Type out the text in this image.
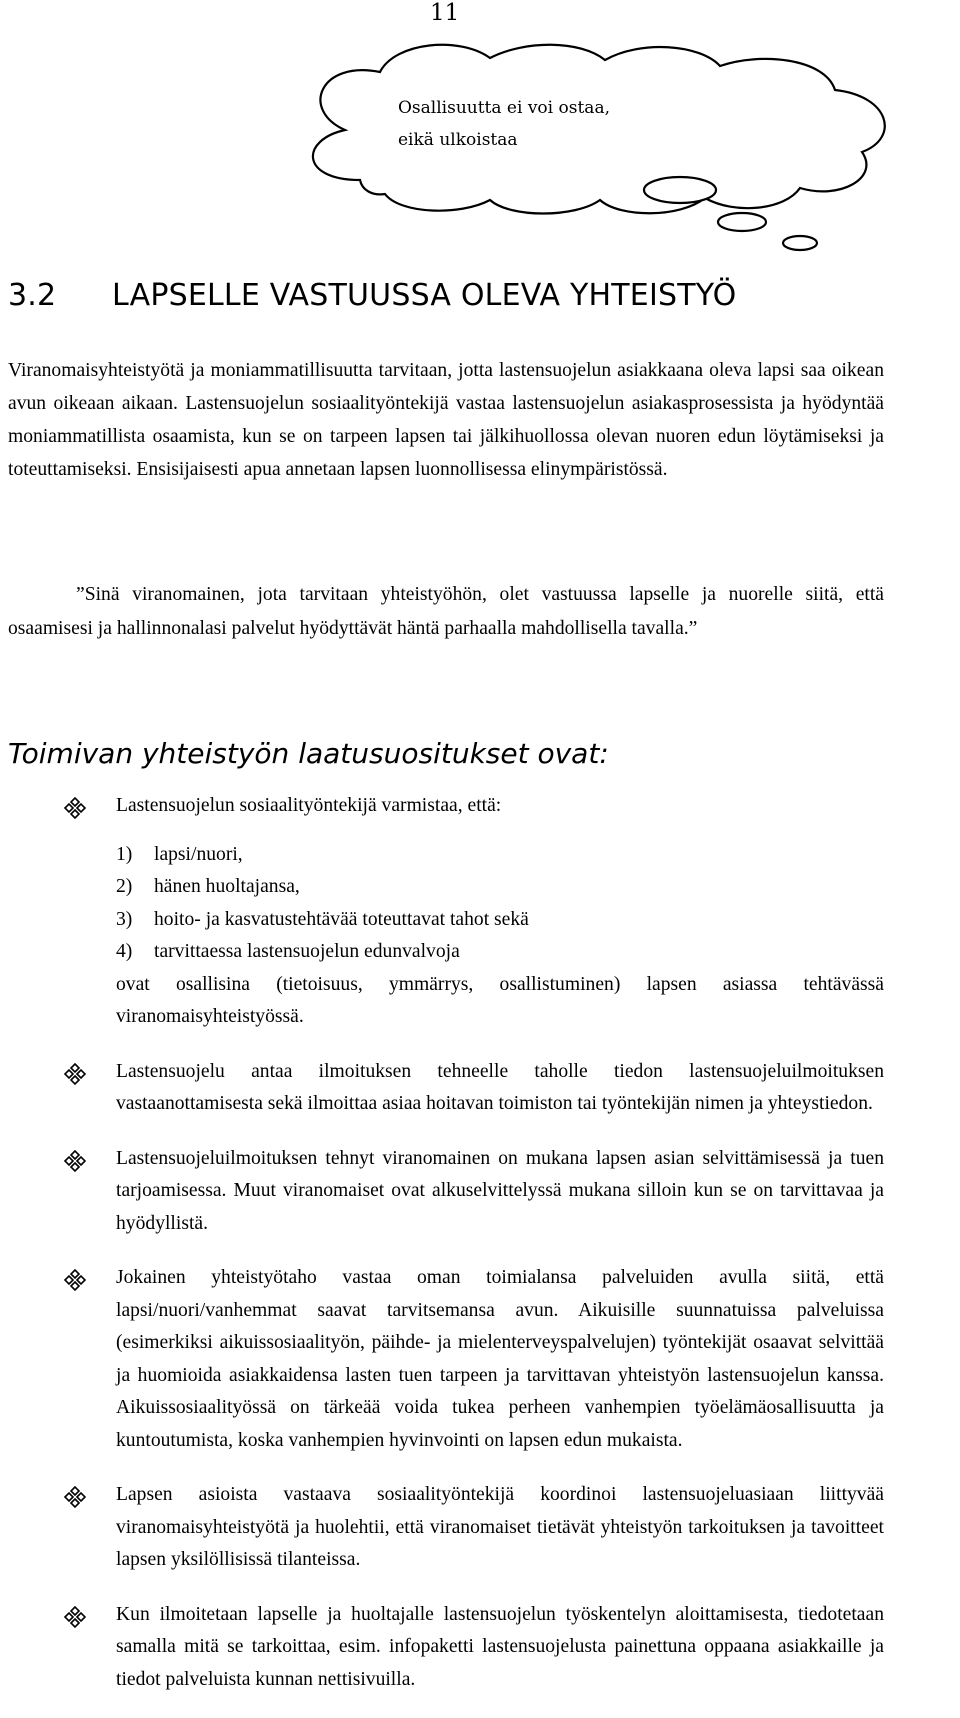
11
Osallisuutta ei voi ostaa,
eikä ulkoistaa
3.2 LAPSELLE VASTUUSSA OLEVA YHTEISTYÖ

Viranomaisyhteistyötä ja moniammatillisuutta tarvitaan, jotta lastensuojelun asiakkaana oleva lapsi saa oikean avun oikeaan aikaan. Lastensuojelun sosiaalityöntekijä vastaa lastensuojelun asiakasprosessista ja hyödyntää moniammatillista osaamista, kun se on tarpeen lapsen tai jälkihuollossa olevan nuoren edun löytämiseksi ja toteuttamiseksi. Ensisijaisesti apua annetaan lapsen luonnollisessa elinympäristössä.

”Sinä viranomainen, jota tarvitaan yhteistyöhön, olet vastuussa lapselle ja nuorelle siitä, että osaamisesi ja hallinnonalasi palvelut hyödyttävät häntä parhaalla mahdollisella tavalla.”

Toimivan yhteistyön laatusuositukset ovat:
Lastensuojelun sosiaalityöntekijä varmistaa, että:
1)	lapsi/nuori,
2)	hänen huoltajansa,
3)	hoito- ja kasvatustehtävää toteuttavat tahot sekä
4)	tarvittaessa lastensuojelun edunvalvoja
ovat osallisina (tietoisuus, ymmärrys, osallistuminen) lapsen asiassa tehtävässä viranomaisyhteistyössä.
Lastensuojelu antaa ilmoituksen tehneelle taholle tiedon lastensuojeluilmoituksen vastaanottamisesta sekä ilmoittaa asiaa hoitavan toimiston tai työntekijän nimen ja yhteystiedon.
Lastensuojeluilmoituksen tehnyt viranomainen on mukana lapsen asian selvittämisessä ja tuen tarjoamisessa. Muut viranomaiset ovat alkuselvittelyssä mukana silloin kun se on tarvittavaa ja hyödyllistä.
Jokainen yhteistyötaho vastaa oman toimialansa palveluiden avulla siitä, että lapsi/nuori/vanhemmat saavat tarvitsemansa avun. Aikuisille suunnatuissa palveluissa (esimerkiksi aikuissosiaalityön, päihde- ja mielenterveyspalvelujen) työntekijät osaavat selvittää ja huomioida asiakkaidensa lasten tuen tarpeen ja tarvittavan yhteistyön lastensuojelun kanssa. Aikuissosiaalityössä on tärkeää voida tukea perheen vanhempien työelämäosallisuutta ja kuntoutumista, koska vanhempien hyvinvointi on lapsen edun mukaista.
Lapsen asioista vastaava sosiaalityöntekijä koordinoi lastensuojeluasiaan liittyvää viranomaisyhteistyötä ja huolehtii, että viranomaiset tietävät yhteistyön tarkoituksen ja tavoitteet lapsen yksilöllisissä tilanteissa.
Kun ilmoitetaan lapselle ja huoltajalle lastensuojelun työskentelyn aloittamisesta, tiedotetaan samalla mitä se tarkoittaa, esim. infopaketti lastensuojelusta painettuna oppaana asiakkaille ja tiedot palveluista kunnan nettisivuilla.
